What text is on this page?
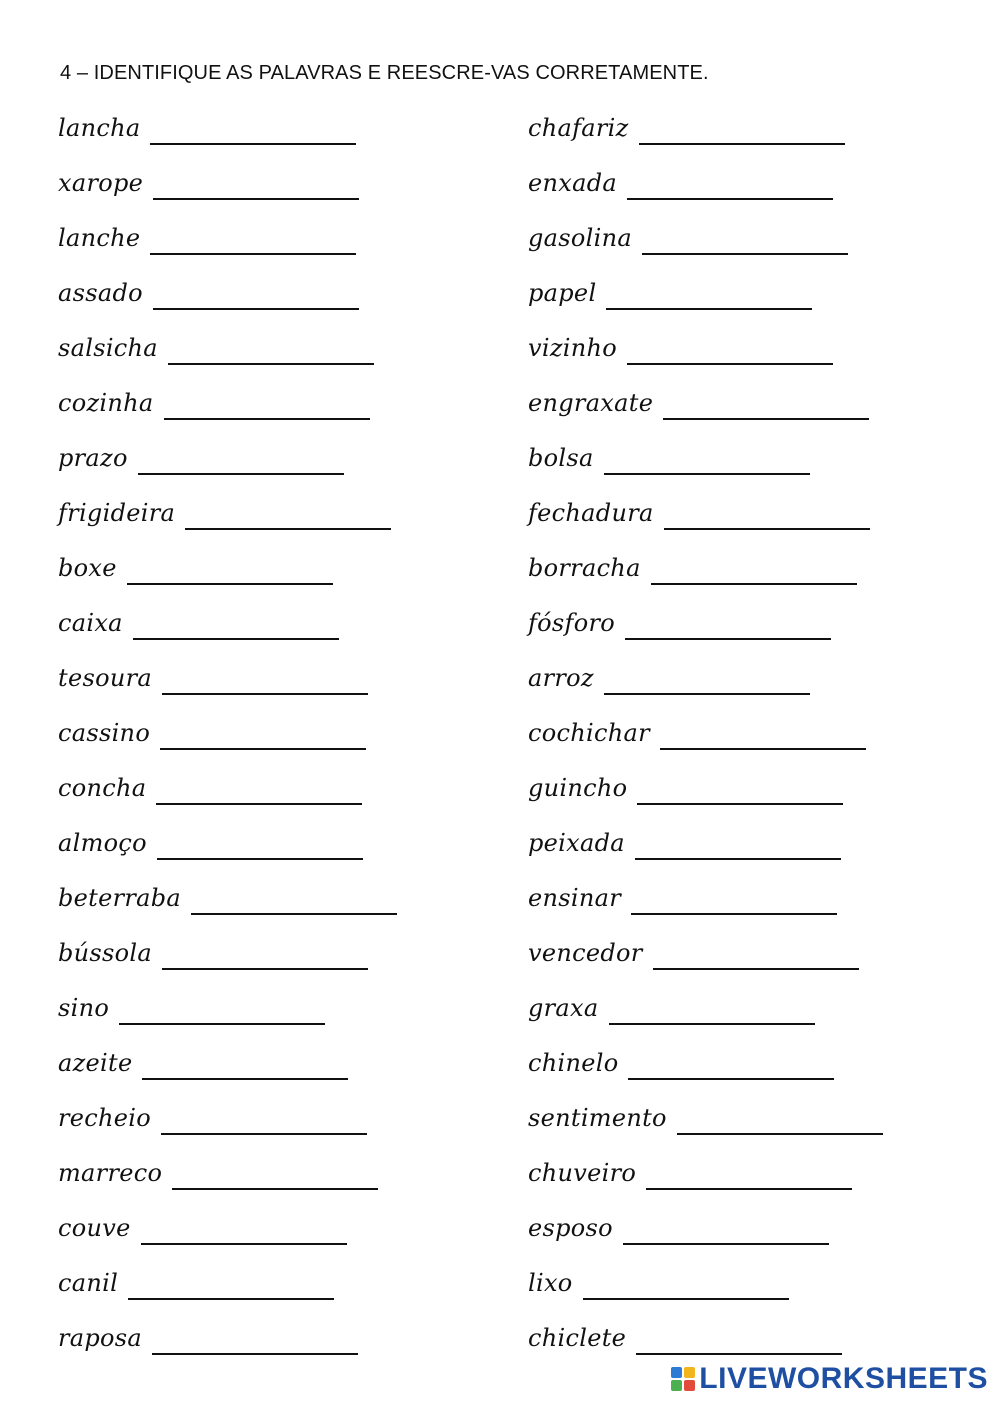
4 – IDENTIFIQUE AS PALAVRAS E REESCRE-VAS CORRETAMENTE.
lancha
xarope
lanche
assado
salsicha
cozinha
prazo
frigideira
boxe
caixa
tesoura
cassino
concha
almoço
beterraba
bússola
sino
azeite
recheio
marreco
couve
canil
raposa
chafariz
enxada
gasolina
papel
vizinho
engraxate
bolsa
fechadura
borracha
fósforo
arroz
cochichar
guincho
peixada
ensinar
vencedor
graxa
chinelo
sentimento
chuveiro
esposo
lixo
chiclete
LIVEWORKSHEETS
